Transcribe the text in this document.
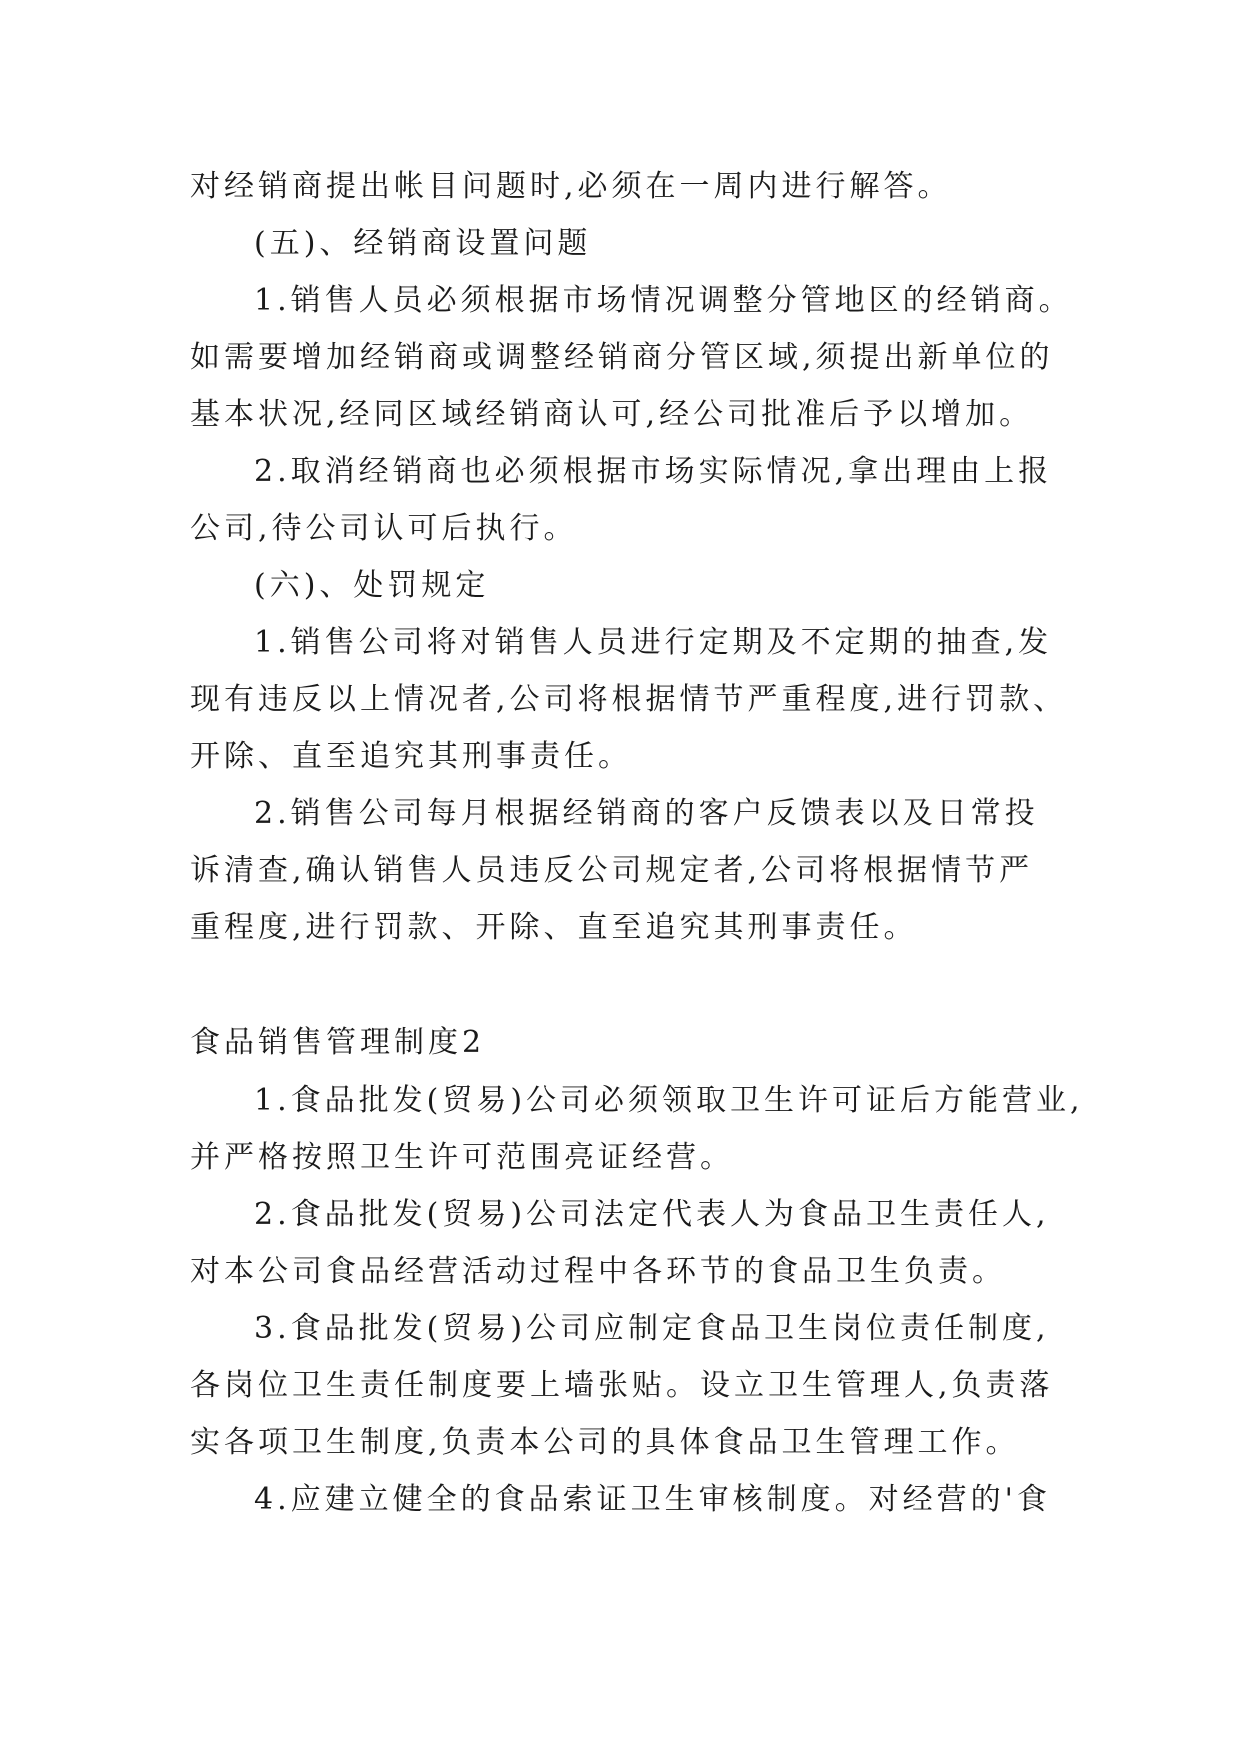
对经销商提出帐目问题时,必须在一周内进行解答。
(五)、经销商设置问题
1.销售人员必须根据市场情况调整分管地区的经销商。
如需要增加经销商或调整经销商分管区域,须提出新单位的
基本状况,经同区域经销商认可,经公司批准后予以增加。
2.取消经销商也必须根据市场实际情况,拿出理由上报
公司,待公司认可后执行。
(六)、处罚规定
1.销售公司将对销售人员进行定期及不定期的抽查,发
现有违反以上情况者,公司将根据情节严重程度,进行罚款、
开除、直至追究其刑事责任。
2.销售公司每月根据经销商的客户反馈表以及日常投
诉清查,确认销售人员违反公司规定者,公司将根据情节严
重程度,进行罚款、开除、直至追究其刑事责任。
食品销售管理制度2
1.食品批发(贸易)公司必须领取卫生许可证后方能营业,
并严格按照卫生许可范围亮证经营。
2.食品批发(贸易)公司法定代表人为食品卫生责任人,
对本公司食品经营活动过程中各环节的食品卫生负责。
3.食品批发(贸易)公司应制定食品卫生岗位责任制度,
各岗位卫生责任制度要上墙张贴。设立卫生管理人,负责落
实各项卫生制度,负责本公司的具体食品卫生管理工作。
4.应建立健全的食品索证卫生审核制度。对经营的'食
